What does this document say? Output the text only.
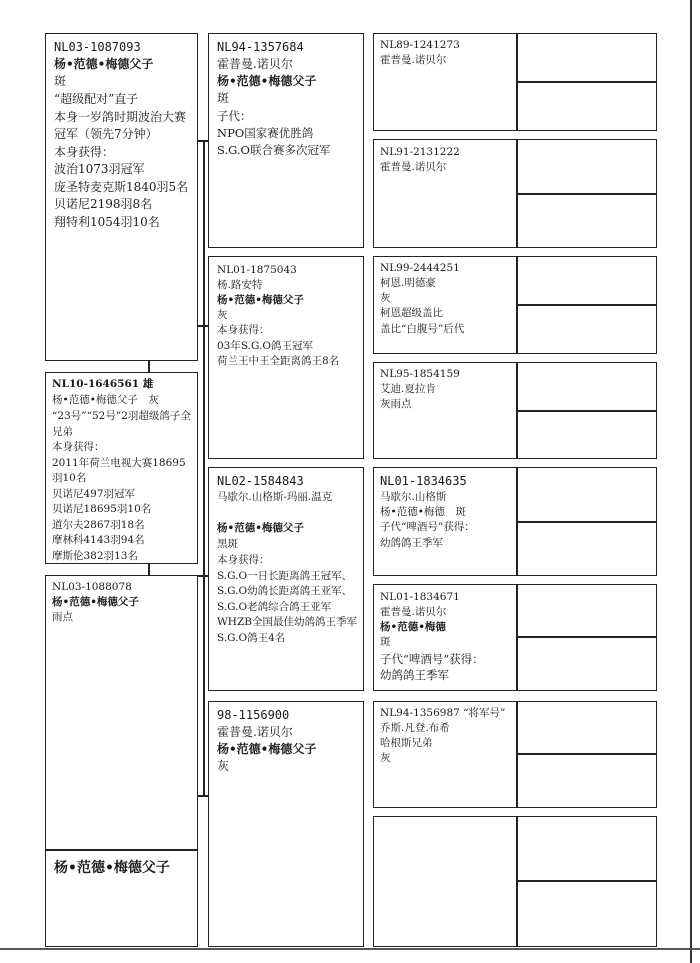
NL03-1087093
杨•范德•梅德父子
斑
“超级配对”直子
本身一岁鸽时期波治大赛冠军（领先7分钟）
本身获得：
波治1073羽冠军
庞圣特麦克斯1840羽5名
贝诺尼2198羽8名
翔特利1054羽10名
NL10-1646561 雄
杨•范德•梅德父子　灰
“23号”“52号”2羽超级鸽子全兄弟
本身获得：
2011年荷兰电视大赛18695羽10名
贝诺尼497羽冠军
贝诺尼18695羽10名
道尔夫2867羽18名
摩林科4143羽94名
摩斯伦382羽13名
NL03-1088078
杨•范德•梅德父子
雨点
杨•范德•梅德父子
NL94-1357684
霍普曼.诺贝尔
杨•范德•梅德父子
斑
子代：
NPO国家赛优胜鸽
S.G.O联合赛多次冠军
NL01-1875043
杨.路安特
杨•范德•梅德父子
灰
本身获得：
03年S.G.O鸽王冠军
荷兰王中王全距离鸽王8名
NL02-1584843
马歇尔.山格斯-玛丽.温克
杨•范德•梅德父子
黑斑
本身获得：
S.G.O一日长距离鸽王冠军、S.G.O幼鸽长距离鸽王亚军、S.G.O老鸽综合鸽王亚军
WHZB全国最佳幼鸽鸽王季军
S.G.O鸽王4名
98-1156900
霍普曼.诺贝尔
杨•范德•梅德父子
灰
NL89-1241273
霍普曼.诺贝尔
NL91-2131222
霍普曼.诺贝尔
NL99-2444251
柯恩.明德豪
灰
柯恩超级盖比
盖比“白腹号”后代
NL95-1854159
艾迪.夏拉肯
灰雨点
NL01-1834635
马歇尔.山格斯
杨•范德•梅德　斑
子代“啤酒号”获得：
幼鸽鸽王季军
NL01-1834671
霍普曼.诺贝尔
杨•范德•梅德
斑
子代“啤酒号”获得：
幼鸽鸽王季军
NL94-1356987 “将军号”
乔斯.凡登.布希
哈根斯兄弟
灰
